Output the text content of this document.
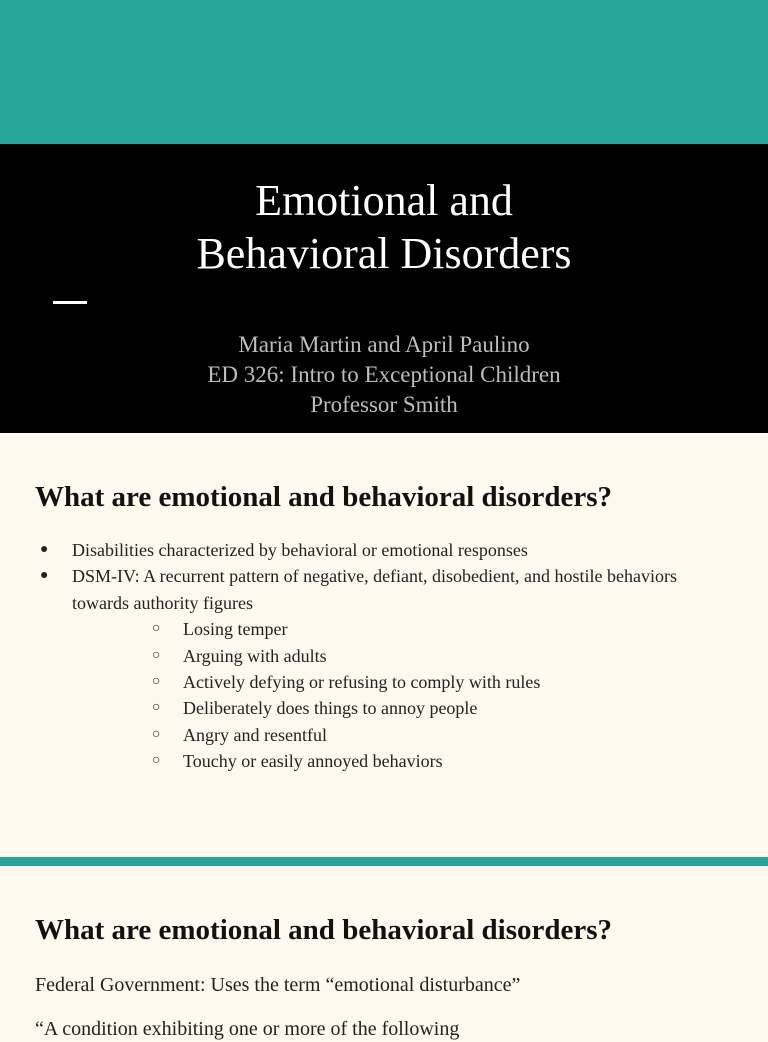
Emotional and
Behavioral Disorders
Maria Martin and April Paulino
ED 326: Intro to Exceptional Children
Professor Smith
What are emotional and behavioral disorders?
● Disabilities characterized by behavioral or emotional responses
● DSM-IV: A recurrent pattern of negative, defiant, disobedient, and hostile behaviors towards authority figures
○ Losing temper
○ Arguing with adults
○ Actively defying or refusing to comply with rules
○ Deliberately does things to annoy people
○ Angry and resentful
○ Touchy or easily annoyed behaviors
What are emotional and behavioral disorders?
Federal Government: Uses the term “emotional disturbance”
“A condition exhibiting one or more of the following
